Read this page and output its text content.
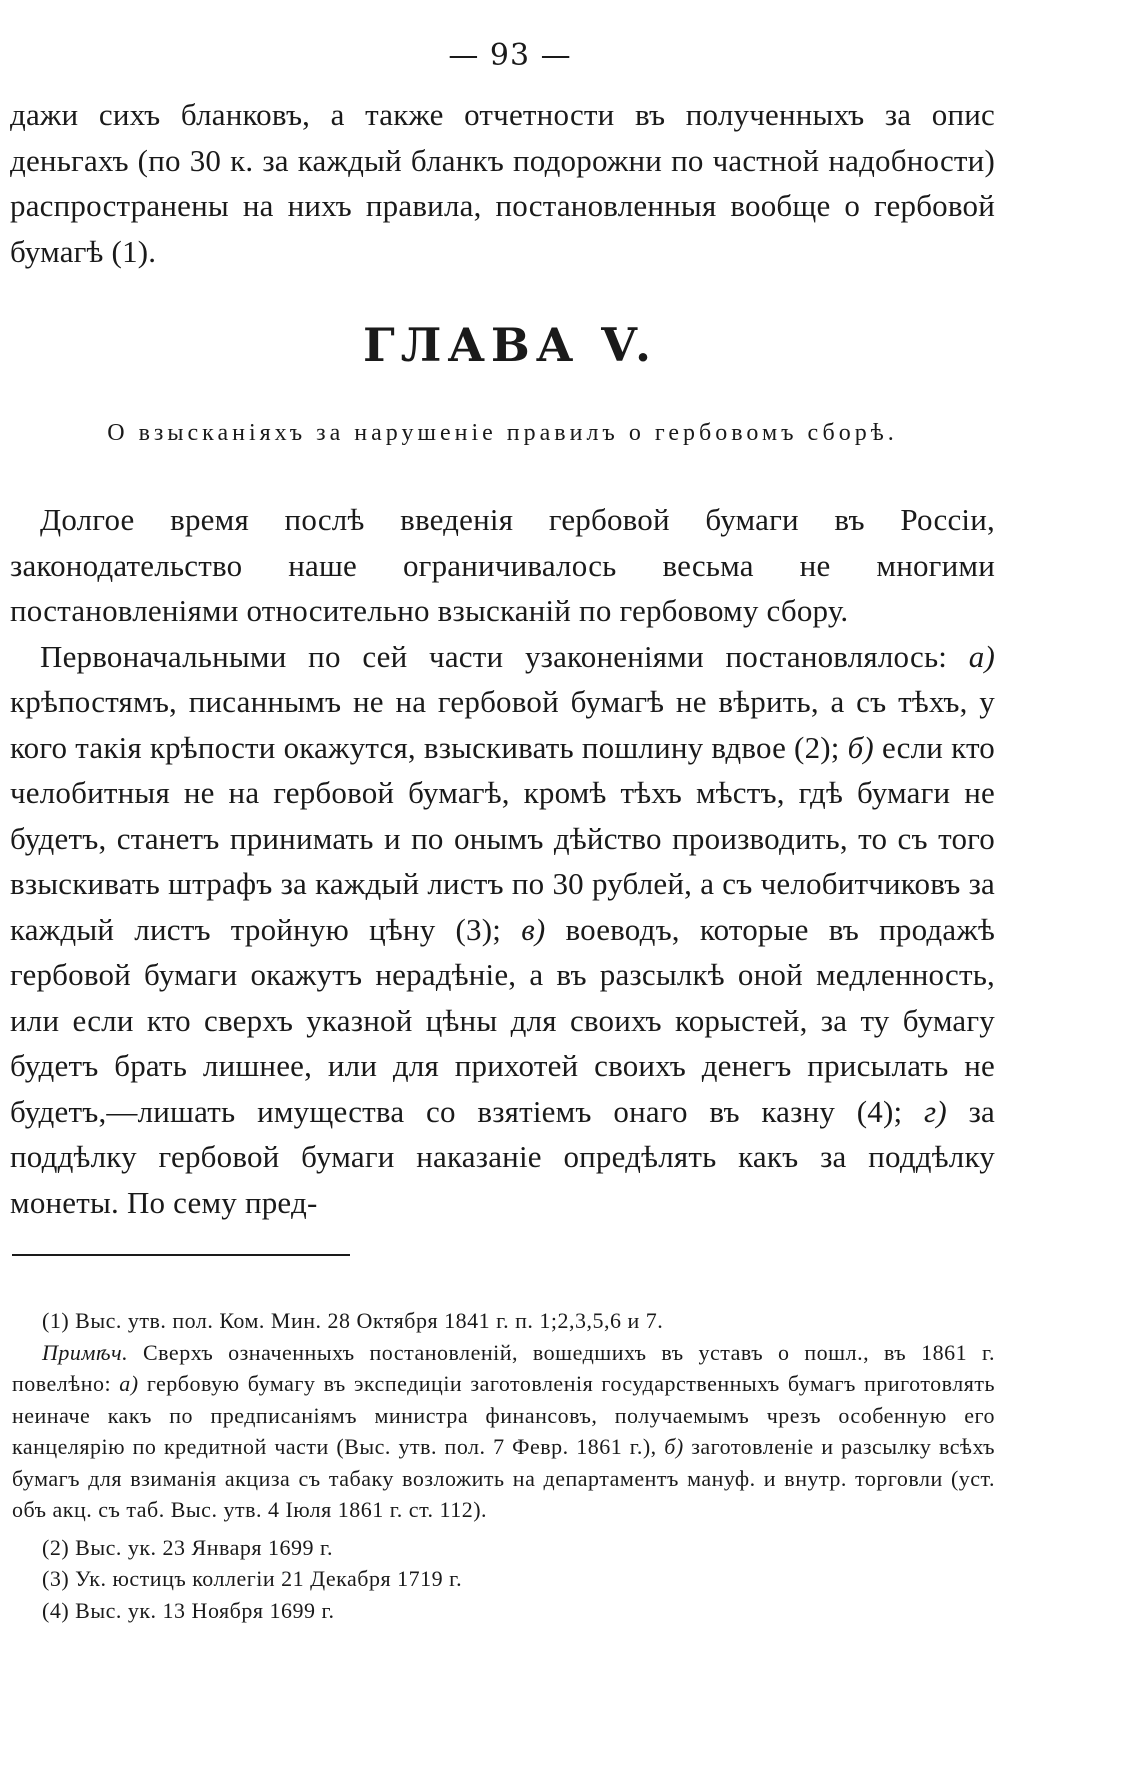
— 93 —

дажи сихъ бланковъ, а также отчетности въ полученныхъ за опис деньгахъ (по 30 к. за каждый бланкъ подорожни по частной надобности) распространены на нихъ правила, постановленныя вообще о гербовой бумагѣ (1).

ГЛАВА V.
О взысканіяхъ за нарушеніе правилъ о гербовомъ сборѣ.

Долгое время послѣ введенія гербовой бумаги въ Россіи, законодательство наше ограничивалось весьма не многими постановленіями относительно взысканій по гербовому сбору.

Первоначальными по сей части узаконеніями постановлялось: а) крѣпостямъ, писаннымъ не на гербовой бумагѣ не вѣрить, а съ тѣхъ, у кого такія крѣпости окажутся, взыскивать пошлину вдвое (2); б) если кто челобитныя не на гербовой бумагѣ, кромѣ тѣхъ мѣстъ, гдѣ бумаги не будетъ, станетъ принимать и по онымъ дѣйство производить, то съ того взыскивать штрафъ за каждый листъ по 30 рублей, а съ челобитчиковъ за каждый листъ тройную цѣну (3); в) воеводъ, которые въ продажѣ гербовой бумаги окажутъ нерадѣніе, а въ разсылкѣ оной медленность, или если кто сверхъ указной цѣны для своихъ корыстей, за ту бумагу будетъ брать лишнее, или для прихотей своихъ денегъ присылать не будетъ,—лишать имущества со взятіемъ онаго въ казну (4); г) за поддѣлку гербовой бумаги наказаніе опредѣлять какъ за поддѣлку монеты. По сему пред-

(1) Выс. утв. пол. Ком. Мин. 28 Октября 1841 г. п. 1;2,3,5,6 и 7.

Примѣч. Сверхъ означенныхъ постановленій, вошедшихъ въ уставъ о пошл., въ 1861 г. повелѣно: а) гербовую бумагу въ экспедиціи заготовленія государственныхъ бумагъ приготовлять неиначе какъ по предписаніямъ министра финансовъ, получаемымъ чрезъ особенную его канцелярію по кредитной части (Выс. утв. пол. 7 Февр. 1861 г.), б) заготовленіе и разсылку всѣхъ бумагъ для взиманія акциза съ табаку возложить на департаментъ мануф. и внутр. торговли (уст. объ акц. съ таб. Выс. утв. 4 Іюля 1861 г. ст. 112).

(2) Выс. ук. 23 Января 1699 г.

(3) Ук. юстицъ коллегіи 21 Декабря 1719 г.

(4) Выс. ук. 13 Ноября 1699 г.
